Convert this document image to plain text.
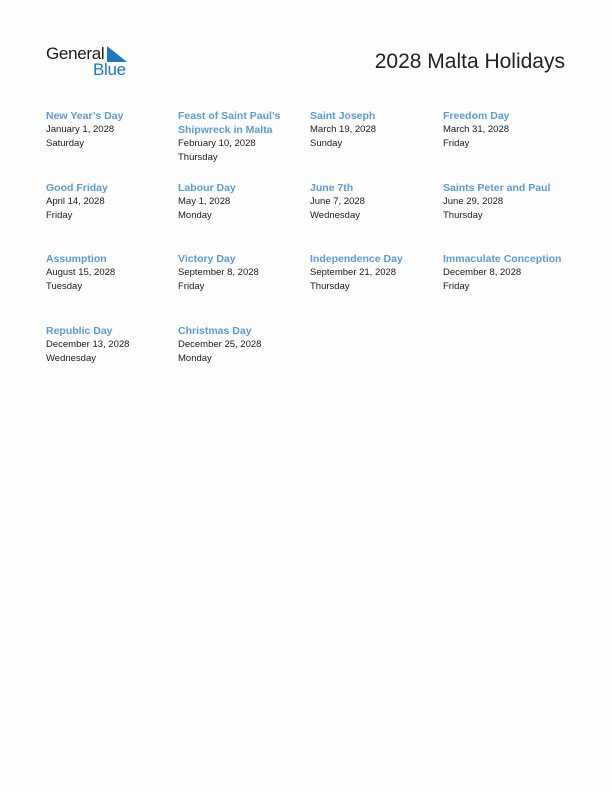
General
Blue	2028 Malta Holidays
New Year’s Day
January 1, 2028
Saturday
Feast of Saint Paul’s Shipwreck in Malta
February 10, 2028
Thursday
Saint Joseph
March 19, 2028
Sunday
Freedom Day
March 31, 2028
Friday
Good Friday
April 14, 2028
Friday
Labour Day
May 1, 2028
Monday
June 7th
June 7, 2028
Wednesday
Saints Peter and Paul
June 29, 2028
Thursday
Assumption
August 15, 2028
Tuesday
Victory Day
September 8, 2028
Friday
Independence Day
September 21, 2028
Thursday
Immaculate Conception
December 8, 2028
Friday
Republic Day
December 13, 2028
Wednesday
Christmas Day
December 25, 2028
Monday
